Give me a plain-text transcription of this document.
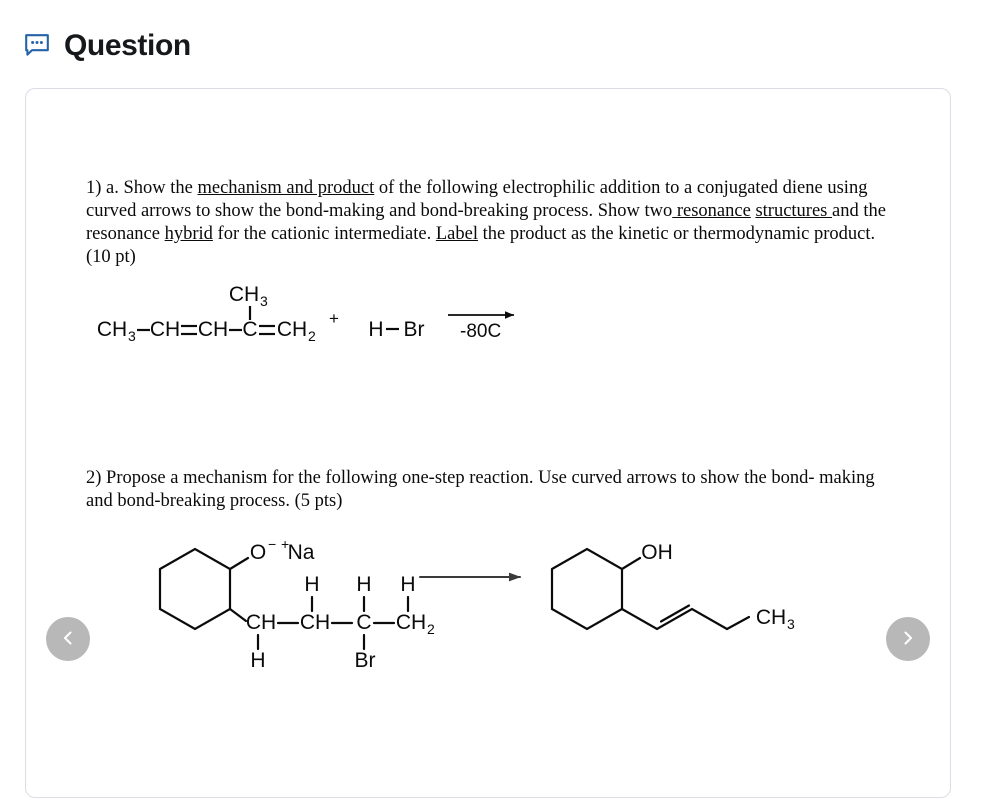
Question

1) a. Show the mechanism and product of the following electrophilic addition to a conjugated diene using curved arrows to show the bond-making and bond-breaking process. Show two resonance structures and the resonance hybrid for the cationic intermediate. Label the product as the kinetic or thermodynamic product. (10 pt)

CH 3 CH CH C
CH 3
CH 2
+ H Br -80C

2) Propose a mechanism for the following one-step reaction. Use curved arrows to show the bond- making and bond-breaking process. (5 pts)

O − +
Na
CH
H
CH
H
C
H
Br
CH 2
H
OH
CH 3
